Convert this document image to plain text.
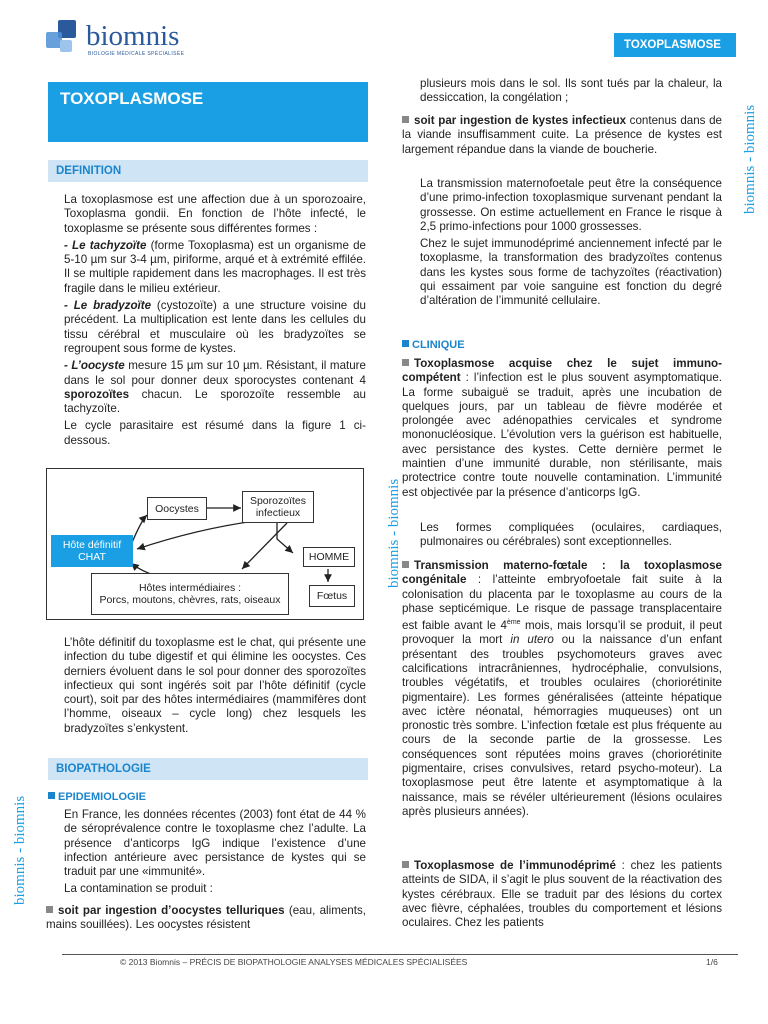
biomnis
BIOLOGIE MÉDICALE SPÉCIALISÉE
TOXOPLASMOSE
TOXOPLASMOSE
DEFINITION

La toxoplasmose est une affection due à un sporozoaire, Toxoplasma gondii. En fonction de l’hôte infecté, le toxoplasme se présente sous différentes formes :

- Le tachyzoïte (forme Toxoplasma) est un organisme de 5-10 µm sur 3-4 µm, piriforme, arqué et à extrémité effilée. Il se multiple rapidement dans les macrophages. Il est très fragile dans le milieu extérieur.

- Le bradyzoïte (cystozoïte) a une structure voisine du précédent. La multiplication est lente dans les cellules du tissu cérébral et musculaire où les bradyzoïtes se regroupent sous forme de kystes.

- L’oocyste mesure 15 µm sur 10 µm. Résistant, il mature dans le sol pour donner deux sporocystes contenant 4 sporozoïtes chacun. Le sporozoïte ressemble au tachyzoïte.

Le cycle parasitaire est résumé dans la figure 1 ci-dessous.

Oocystes
Sporozoïtes infectieux
Hôte définitif CHAT	HOMME
Hôtes intermédiaires :
Porcs, moutons, chèvres, rats, oiseaux	Fœtus
L’hôte définitif du toxoplasme est le chat, qui présente une infection du tube digestif et qui élimine les oocystes. Ces derniers évoluent dans le sol pour donner des sporozoïtes infectieux qui sont ingérés soit par l’hôte définitif (cycle court), soit par des hôtes intermédiaires (mammifères dont l’homme, oiseaux – cycle long) chez lesquels les bradyzoïtes s’enkystent.
BIOPATHOLOGIE
EPIDEMIOLOGIE

En France, les données récentes (2003) font état de 44 % de séroprévalence contre le toxoplasme chez l’adulte. La présence d’anticorps IgG indique l’existence d’une infection antérieure avec persistance de kystes qui se traduit par une «immunité».

La contamination se produit :

soit par ingestion d’oocystes telluriques (eau, aliments, mains souillées). Les oocystes résistent
plusieurs mois dans le sol. Ils sont tués par la chaleur, la dessiccation, la congélation ;
soit par ingestion de kystes infectieux contenus dans de la viande insuffisamment cuite. La présence de kystes est largement répandue dans la viande de boucherie.

La transmission maternofoetale peut être la conséquence d’une primo-infection toxoplasmique survenant pendant la grossesse. On estime actuellement en France le risque à 2,5 primo-infections pour 1000 grossesses.

Chez le sujet immunodéprimé anciennement infecté par le toxoplasme, la transformation des bradyzoïtes contenus dans les kystes sous forme de tachyzoïtes (réactivation) qui essaiment par voie sanguine est fonction du degré d’altération de l’immunité cellulaire.

CLINIQUE
Toxoplasmose acquise chez le sujet immuno-compétent : l’infection est le plus souvent asymptomatique. La forme subaiguë se traduit, après une incubation de quelques jours, par un tableau de fièvre modérée et prolongée avec adénopathies cervicales et syndrome mononucléosique. L’évolution vers la guérison est habituelle, avec persistance des kystes. Cette dernière permet le maintien d’une immunité durable, non stérilisante, mais protectrice contre toute nouvelle contamination. L’immunité est objectivée par la présence d’anticorps IgG.
Les formes compliquées (oculaires, cardiaques, pulmonaires ou cérébrales) sont exceptionnelles.
Transmission materno-fœtale : la toxoplasmose congénitale : l’atteinte embryofoetale fait suite à la colonisation du placenta par le toxoplasme au cours de la phase septicémique. Le risque de passage transplacentaire est faible avant le 4ème mois, mais lorsqu’il se produit, il peut provoquer la mort in utero ou la naissance d’un enfant présentant des troubles psychomoteurs graves avec calcifications intracrâniennes, hydrocéphalie, convulsions, troubles végétatifs, et troubles oculaires (choriorétinite pigmentaire). Les formes généralisées (atteinte hépatique avec ictère néonatal, hémorragies muqueuses) ont un pronostic très sombre. L’infection fœtale est plus fréquente au cours de la seconde partie de la grossesse. Les conséquences sont réputées moins graves (choriorétinite pigmentaire, crises convulsives, retard psycho-moteur). La toxoplasmose peut être latente et asymptomatique à la naissance, mais se révéler ultérieurement (lésions oculaires après plusieurs années).
Toxoplasmose de l’immunodéprimé : chez les patients atteints de SIDA, il s’agit le plus souvent de la réactivation des kystes cérébraux. Elle se traduit par des lésions du cortex avec fièvre, céphalées, troubles du comportement et lésions oculaires. Chez les patients
biomnis - biomnis
biomnis - biomnis
biomnis - biomnis
© 2013 Biomnis – PRÉCIS DE BIOPATHOLOGIE ANALYSES MÉDICALES SPÉCIALISÉES	1/6
